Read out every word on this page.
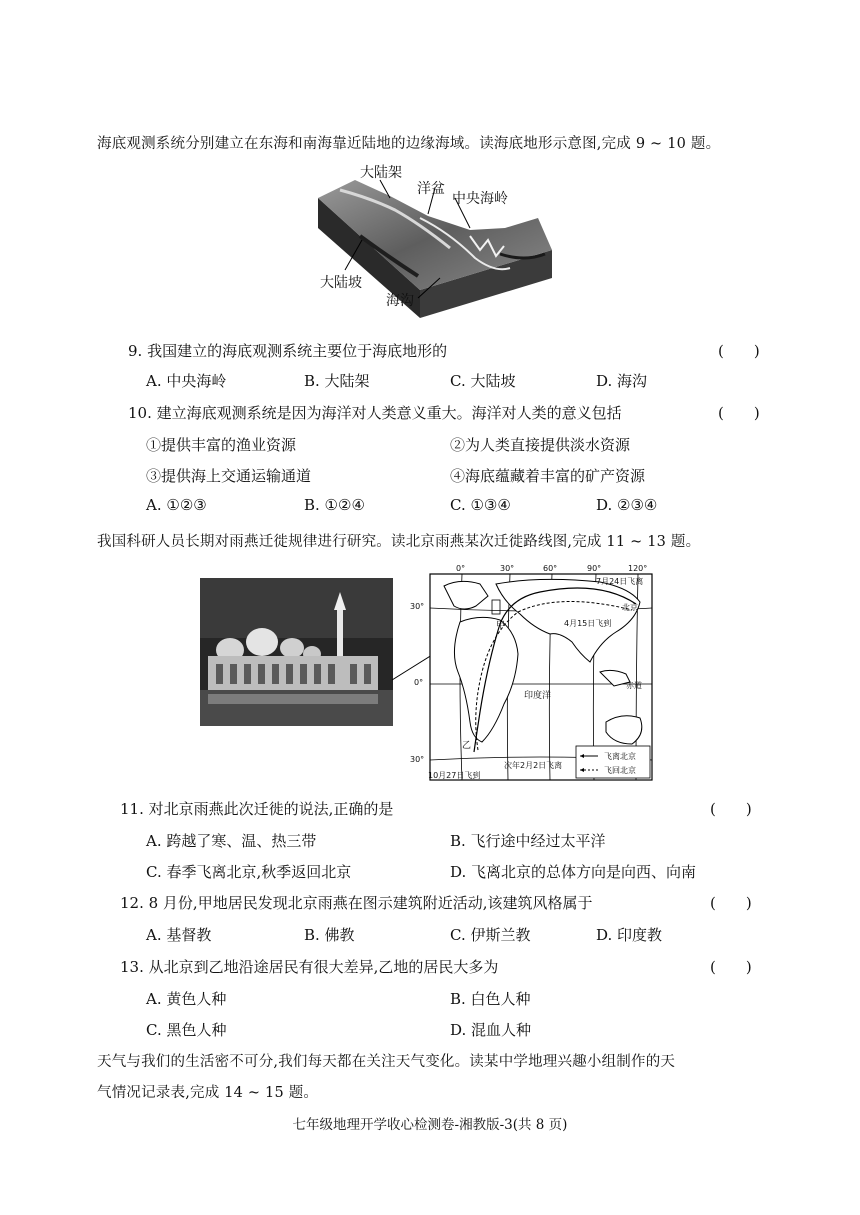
海底观测系统分别建立在东海和南海靠近陆地的边缘海域。读海底地形示意图,完成 9 ~ 10 题。
大陆架
洋盆
中央海岭
大陆坡
海沟
9. 我国建立的海底观测系统主要位于海底地形的	(　　)
A. 中央海岭	B. 大陆架	C. 大陆坡	D. 海沟
10. 建立海底观测系统是因为海洋对人类意义重大。海洋对人类的意义包括	(　　)
①提供丰富的渔业资源	②为人类直接提供淡水资源
③提供海上交通运输通道	④海底蕴藏着丰富的矿产资源
A. ①②③	B. ①②④	C. ①③④	D. ②③④
我国科研人员长期对雨燕迁徙规律进行研究。读北京雨燕某次迁徙路线图,完成 11 ~ 13 题。
0°	30°	60°	90°	120°
30°
0°
30°
7月24日飞离
北京
4月15日飞到
甲
乙
印度洋
赤道
10月27日飞到
次年2月2日飞离
飞离北京
飞回北京
11. 对北京雨燕此次迁徙的说法,正确的是	(　　)
A. 跨越了寒、温、热三带	B. 飞行途中经过太平洋
C. 春季飞离北京,秋季返回北京	D. 飞离北京的总体方向是向西、向南
12. 8 月份,甲地居民发现北京雨燕在图示建筑附近活动,该建筑风格属于	(　　)
A. 基督教	B. 佛教	C. 伊斯兰教	D. 印度教
13. 从北京到乙地沿途居民有很大差异,乙地的居民大多为	(　　)
A. 黄色人种	B. 白色人种
C. 黑色人种	D. 混血人种
天气与我们的生活密不可分,我们每天都在关注天气变化。读某中学地理兴趣小组制作的天
气情况记录表,完成 14 ~ 15 题。
七年级地理开学收心检测卷-湘教版-3(共 8 页)
